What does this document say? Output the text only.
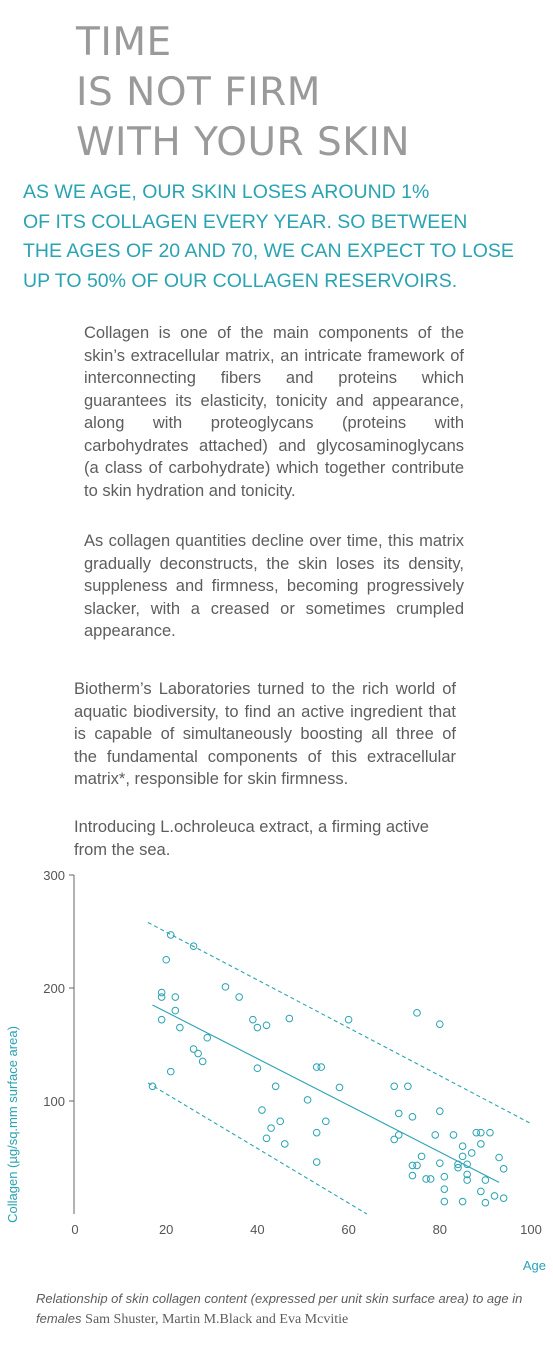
TIME
IS NOT FIRM
WITH YOUR SKIN

AS WE AGE, OUR SKIN LOSES AROUND 1%
OF ITS COLLAGEN EVERY YEAR. SO BETWEEN
THE AGES OF 20 AND 70, WE CAN EXPECT TO LOSE
UP TO 50% OF OUR COLLAGEN RESERVOIRS.

Collagen is one of the main components of the skin’s extracellular matrix, an intricate framework of interconnecting fibers and proteins which guarantees its elasticity, tonicity and appearance, along with proteoglycans (proteins with carbohydrates attached) and glycosaminoglycans (a class of carbohydrate) which together contribute to skin hydration and tonicity.

As collagen quantities decline over time, this matrix gradually deconstructs, the skin loses its density, suppleness and firmness, becoming progressively slacker, with a creased or sometimes crumpled appearance.

Biotherm’s Laboratories turned to the rich world of aquatic biodiversity, to find an active ingredient that is capable of simultaneously boosting all three of the fundamental components of this extracellular matrix*, responsible for skin firmness.

Introducing L.ochroleuca extract, a firming active from the sea.

100
200
300
0	20	40	60	80	100
Age
Collagen (µg/sq.mm surface area)

Relationship of skin collagen content (expressed per unit skin surface area) to age in females Sam Shuster, Martin M.Black and Eva Mcvitie
